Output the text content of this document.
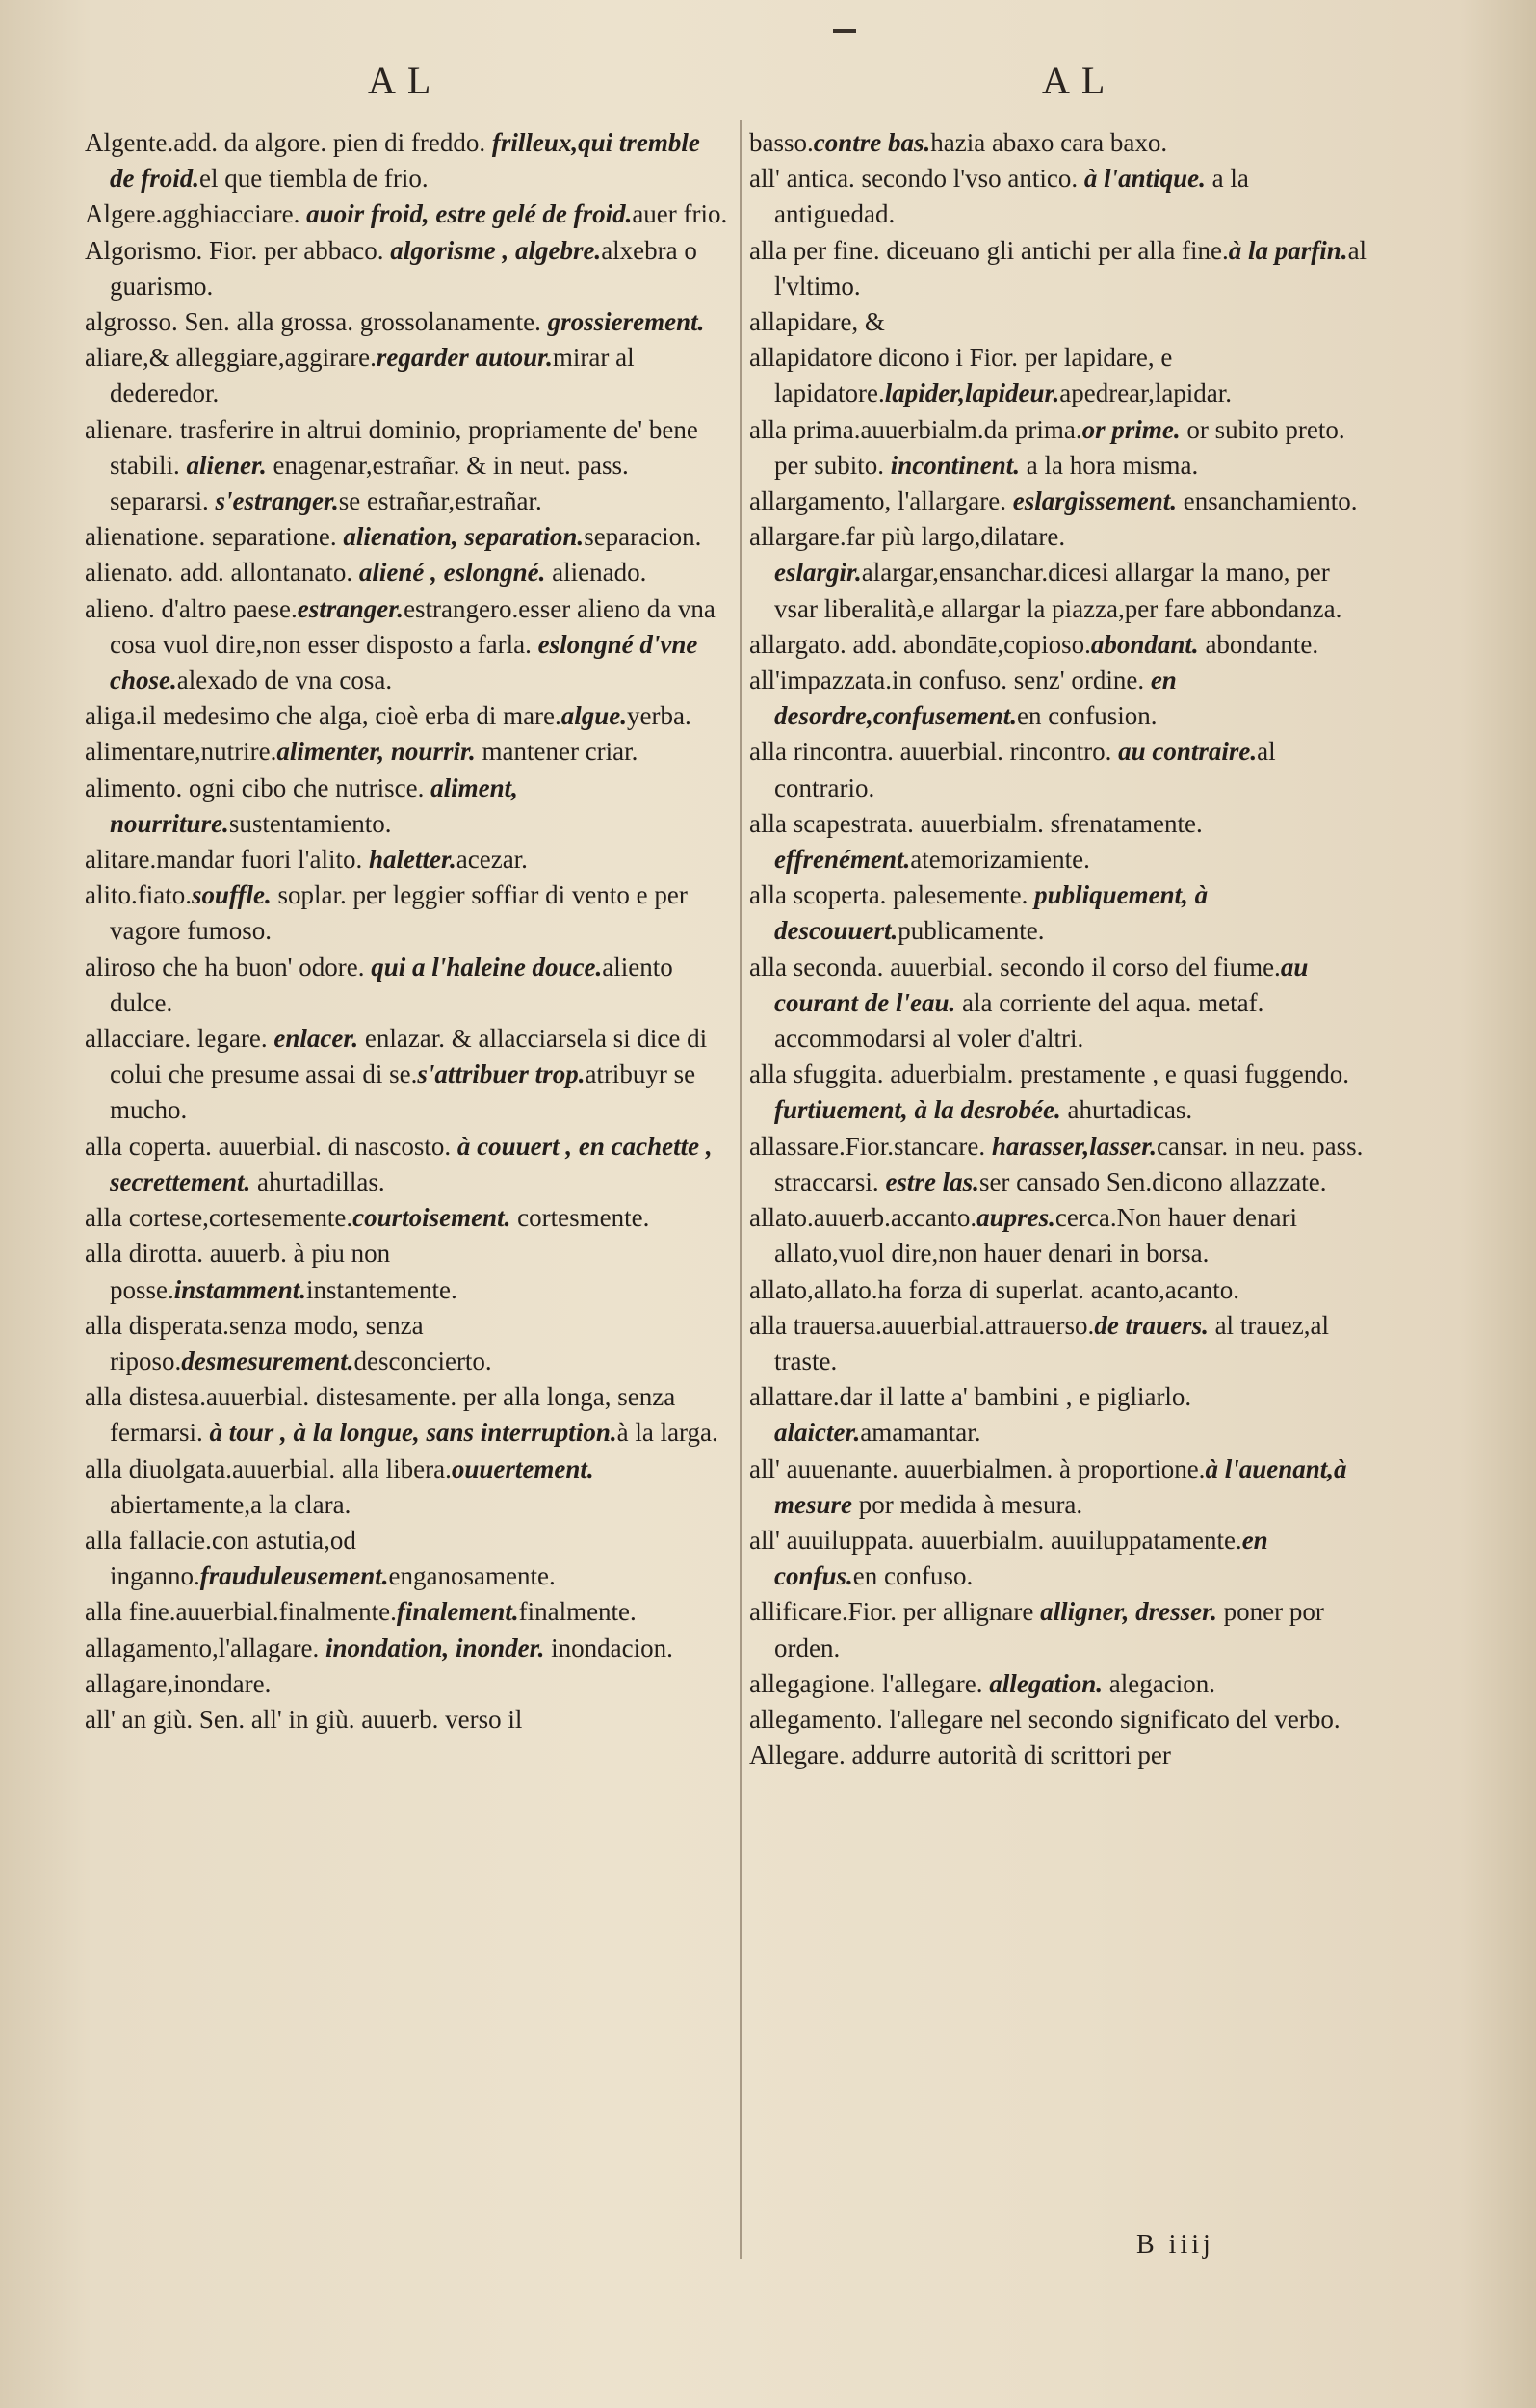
AL	AL

Algente.add. da algore. pien di freddo. frilleux,qui tremble de froid.el que tiembla de frio.

Algere.agghiacciare. auoir froid, estre gelé de froid.auer frio.

Algorismo. Fior. per abbaco. algorisme , algebre.alxebra o guarismo.

algrosso. Sen. alla grossa. grossolanamente. grossierement.

aliare,& alleggiare,aggirare.regarder autour.mirar al dederedor.

alienare. trasferire in altrui dominio, propriamente de' bene stabili. aliener. enagenar,estrañar. & in neut. pass. separarsi. s'estranger.se estrañar,estrañar.

alienatione. separatione. alienation, separation.separacion.

alienato. add. allontanato. aliené , eslongné. alienado.

alieno. d'altro paese.estranger.estrangero.esser alieno da vna cosa vuol dire,non esser disposto a farla. eslongné d'vne chose.alexado de vna cosa.

aliga.il medesimo che alga, cioè erba di mare.algue.yerba.

alimentare,nutrire.alimenter, nourrir. mantener criar.

alimento. ogni cibo che nutrisce. aliment, nourriture.sustentamiento.

alitare.mandar fuori l'alito. haletter.acezar.

alito.fiato.souffle. soplar. per leggier soffiar di vento e per vagore fumoso.

aliroso che ha buon' odore. qui a l'haleine douce.aliento dulce.

allacciare. legare. enlacer. enlazar. & allacciarsela si dice di colui che presume assai di se.s'attribuer trop.atribuyr se mucho.

alla coperta. auuerbial. di nascosto. à couuert , en cachette , secrettement. ahurtadillas.

alla cortese,cortesemente.courtoisement. cortesmente.

alla dirotta. auuerb. à piu non posse.instamment.instantemente.

alla disperata.senza modo, senza riposo.desmesurement.desconcierto.

alla distesa.auuerbial. distesamente. per alla longa, senza fermarsi. à tour , à la longue, sans interruption.à la larga.

alla diuolgata.auuerbial. alla libera.ouuertement. abiertamente,a la clara.

alla fallacie.con astutia,od inganno.frauduleusement.enganosamente.

alla fine.auuerbial.finalmente.finalement.finalmente.

allagamento,l'allagare. inondation, inonder. inondacion.

allagare,inondare.

all' an giù. Sen. all' in giù. auuerb. verso il

basso.contre bas.hazia abaxo cara baxo.

all' antica. secondo l'vso antico. à l'antique. a la antiguedad.

alla per fine. diceuano gli antichi per alla fine.à la parfin.al l'vltimo.

allapidare, &

allapidatore dicono i Fior. per lapidare, e lapidatore.lapider,lapideur.apedrear,lapidar.

alla prima.auuerbialm.da prima.or prime. or subito preto. per subito. incontinent. a la hora misma.

allargamento, l'allargare. eslargissement. ensanchamiento.

allargare.far più largo,dilatare. eslargir.alargar,ensanchar.dicesi allargar la mano, per vsar liberalità,e allargar la piazza,per fare abbondanza.

allargato. add. abondāte,copioso.abondant. abondante.

all'impazzata.in confuso. senz' ordine. en desordre,confusement.en confusion.

alla rincontra. auuerbial. rincontro. au contraire.al contrario.

alla scapestrata. auuerbialm. sfrenatamente. effrenément.atemorizamiente.

alla scoperta. palesemente. publiquement, à descouuert.publicamente.

alla seconda. auuerbial. secondo il corso del fiume.au courant de l'eau. ala corriente del aqua. metaf. accommodarsi al voler d'altri.

alla sfuggita. aduerbialm. prestamente , e quasi fuggendo. furtiuement, à la desrobée. ahurtadicas.

allassare.Fior.stancare. harasser,lasser.cansar. in neu. pass. straccarsi. estre las.ser cansado Sen.dicono allazzate.

allato.auuerb.accanto.aupres.cerca.Non hauer denari allato,vuol dire,non hauer denari in borsa.

allato,allato.ha forza di superlat. acanto,acanto.

alla trauersa.auuerbial.attrauerso.de trauers. al trauez,al traste.

allattare.dar il latte a' bambini , e pigliarlo. alaicter.amamantar.

all' auuenante. auuerbialmen. à proportione.à l'auenant,à mesure por medida à mesura.

all' auuiluppata. auuerbialm. auuiluppatamente.en confus.en confuso.

allificare.Fior. per allignare alligner, dresser. poner por orden.

allegagione. l'allegare. allegation. alegacion.

allegamento. l'allegare nel secondo significato del verbo.

Allegare. addurre autorità di scrittori per

B iiij
